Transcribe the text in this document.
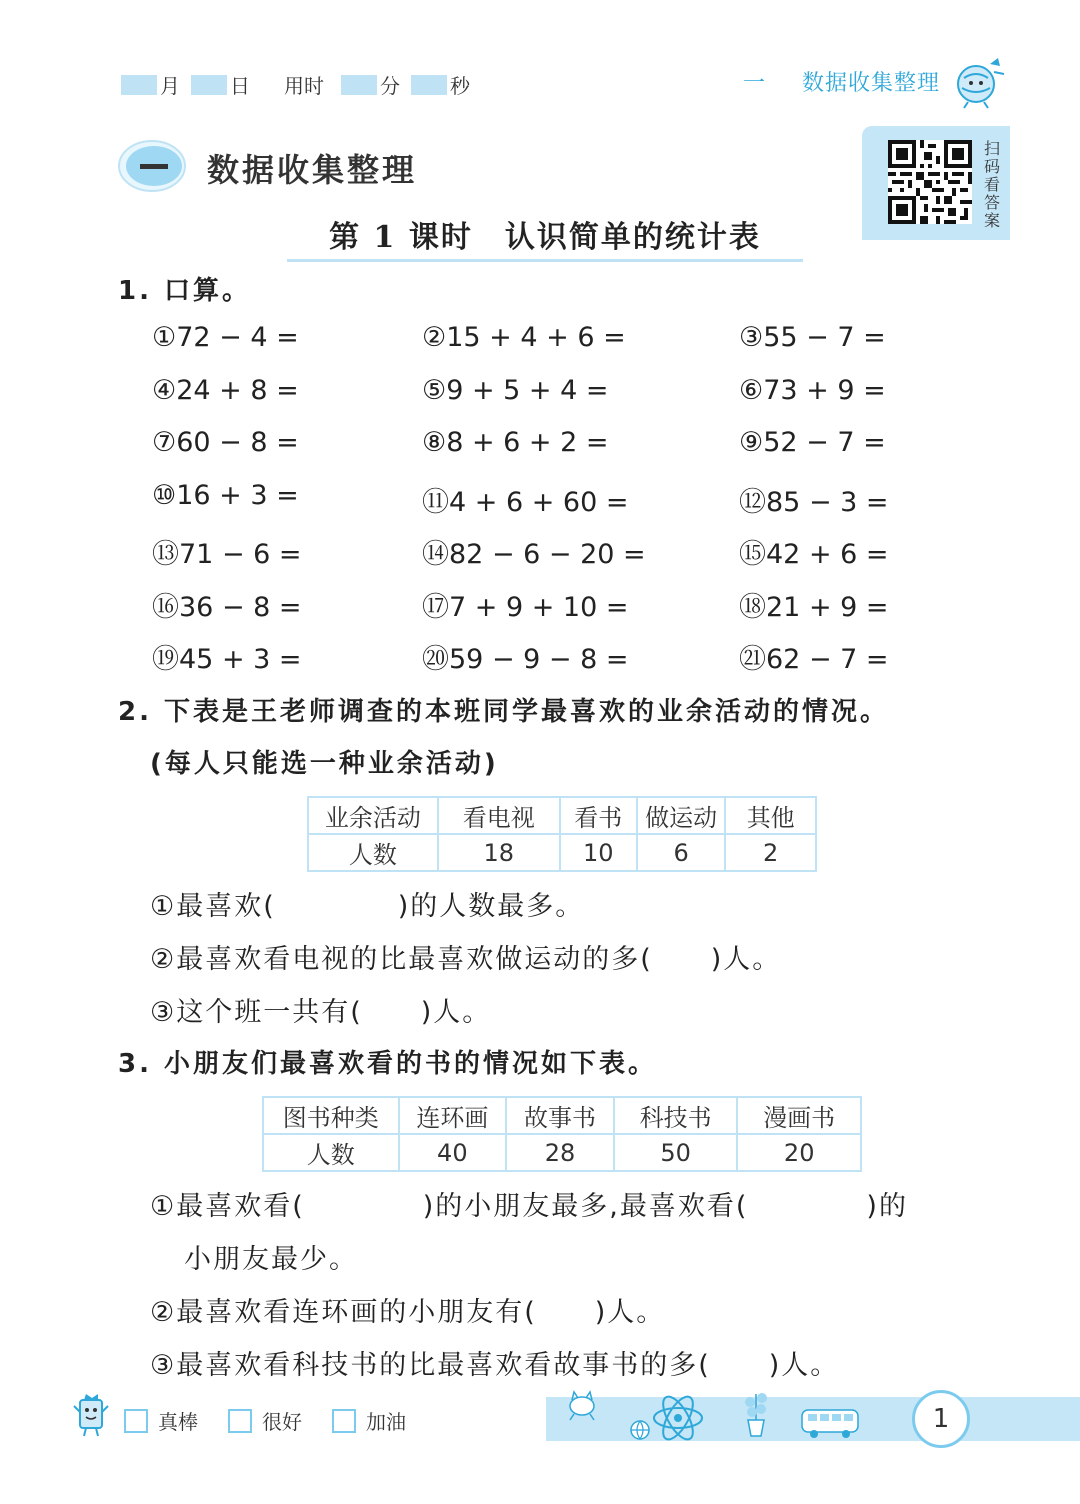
月	日 用时	分	秒	一 数据收集整理
数据收集整理
扫码看答案
第 1 课时　认识简单的统计表
1. 口算。
①72 − 4 =	②15 + 4 + 6 =	③55 − 7 =
④24 + 8 =	⑤9 + 5 + 4 =	⑥73 + 9 =
⑦60 − 8 =	⑧8 + 6 + 2 =	⑨52 − 7 =
⑩16 + 3 =	⑪4 + 6 + 60 =	⑫85 − 3 =
⑬71 − 6 =	⑭82 − 6 − 20 =	⑮42 + 6 =
⑯36 − 8 =	⑰7 + 9 + 10 =	⑱21 + 9 =
⑲45 + 3 =	⑳59 − 9 − 8 =	㉑62 − 7 =
2. 下表是王老师调查的本班同学最喜欢的业余活动的情况。
(每人只能选一种业余活动)
业余活动	看电视	看书	做运动	其他
人数	18	10	6	2
①最喜欢(	)的人数最多。
②最喜欢看电视的比最喜欢做运动的多( )人。
③这个班一共有( )人。
3. 小朋友们最喜欢看的书的情况如下表。
图书种类	连环画	故事书	科技书	漫画书
人数	40	28	50	20
①最喜欢看(	)的小朋友最多,最喜欢看(	)的
小朋友最少。
②最喜欢看连环画的小朋友有( )人。
③最喜欢看科技书的比最喜欢看故事书的多( )人。
真棒	很好	加油	1
